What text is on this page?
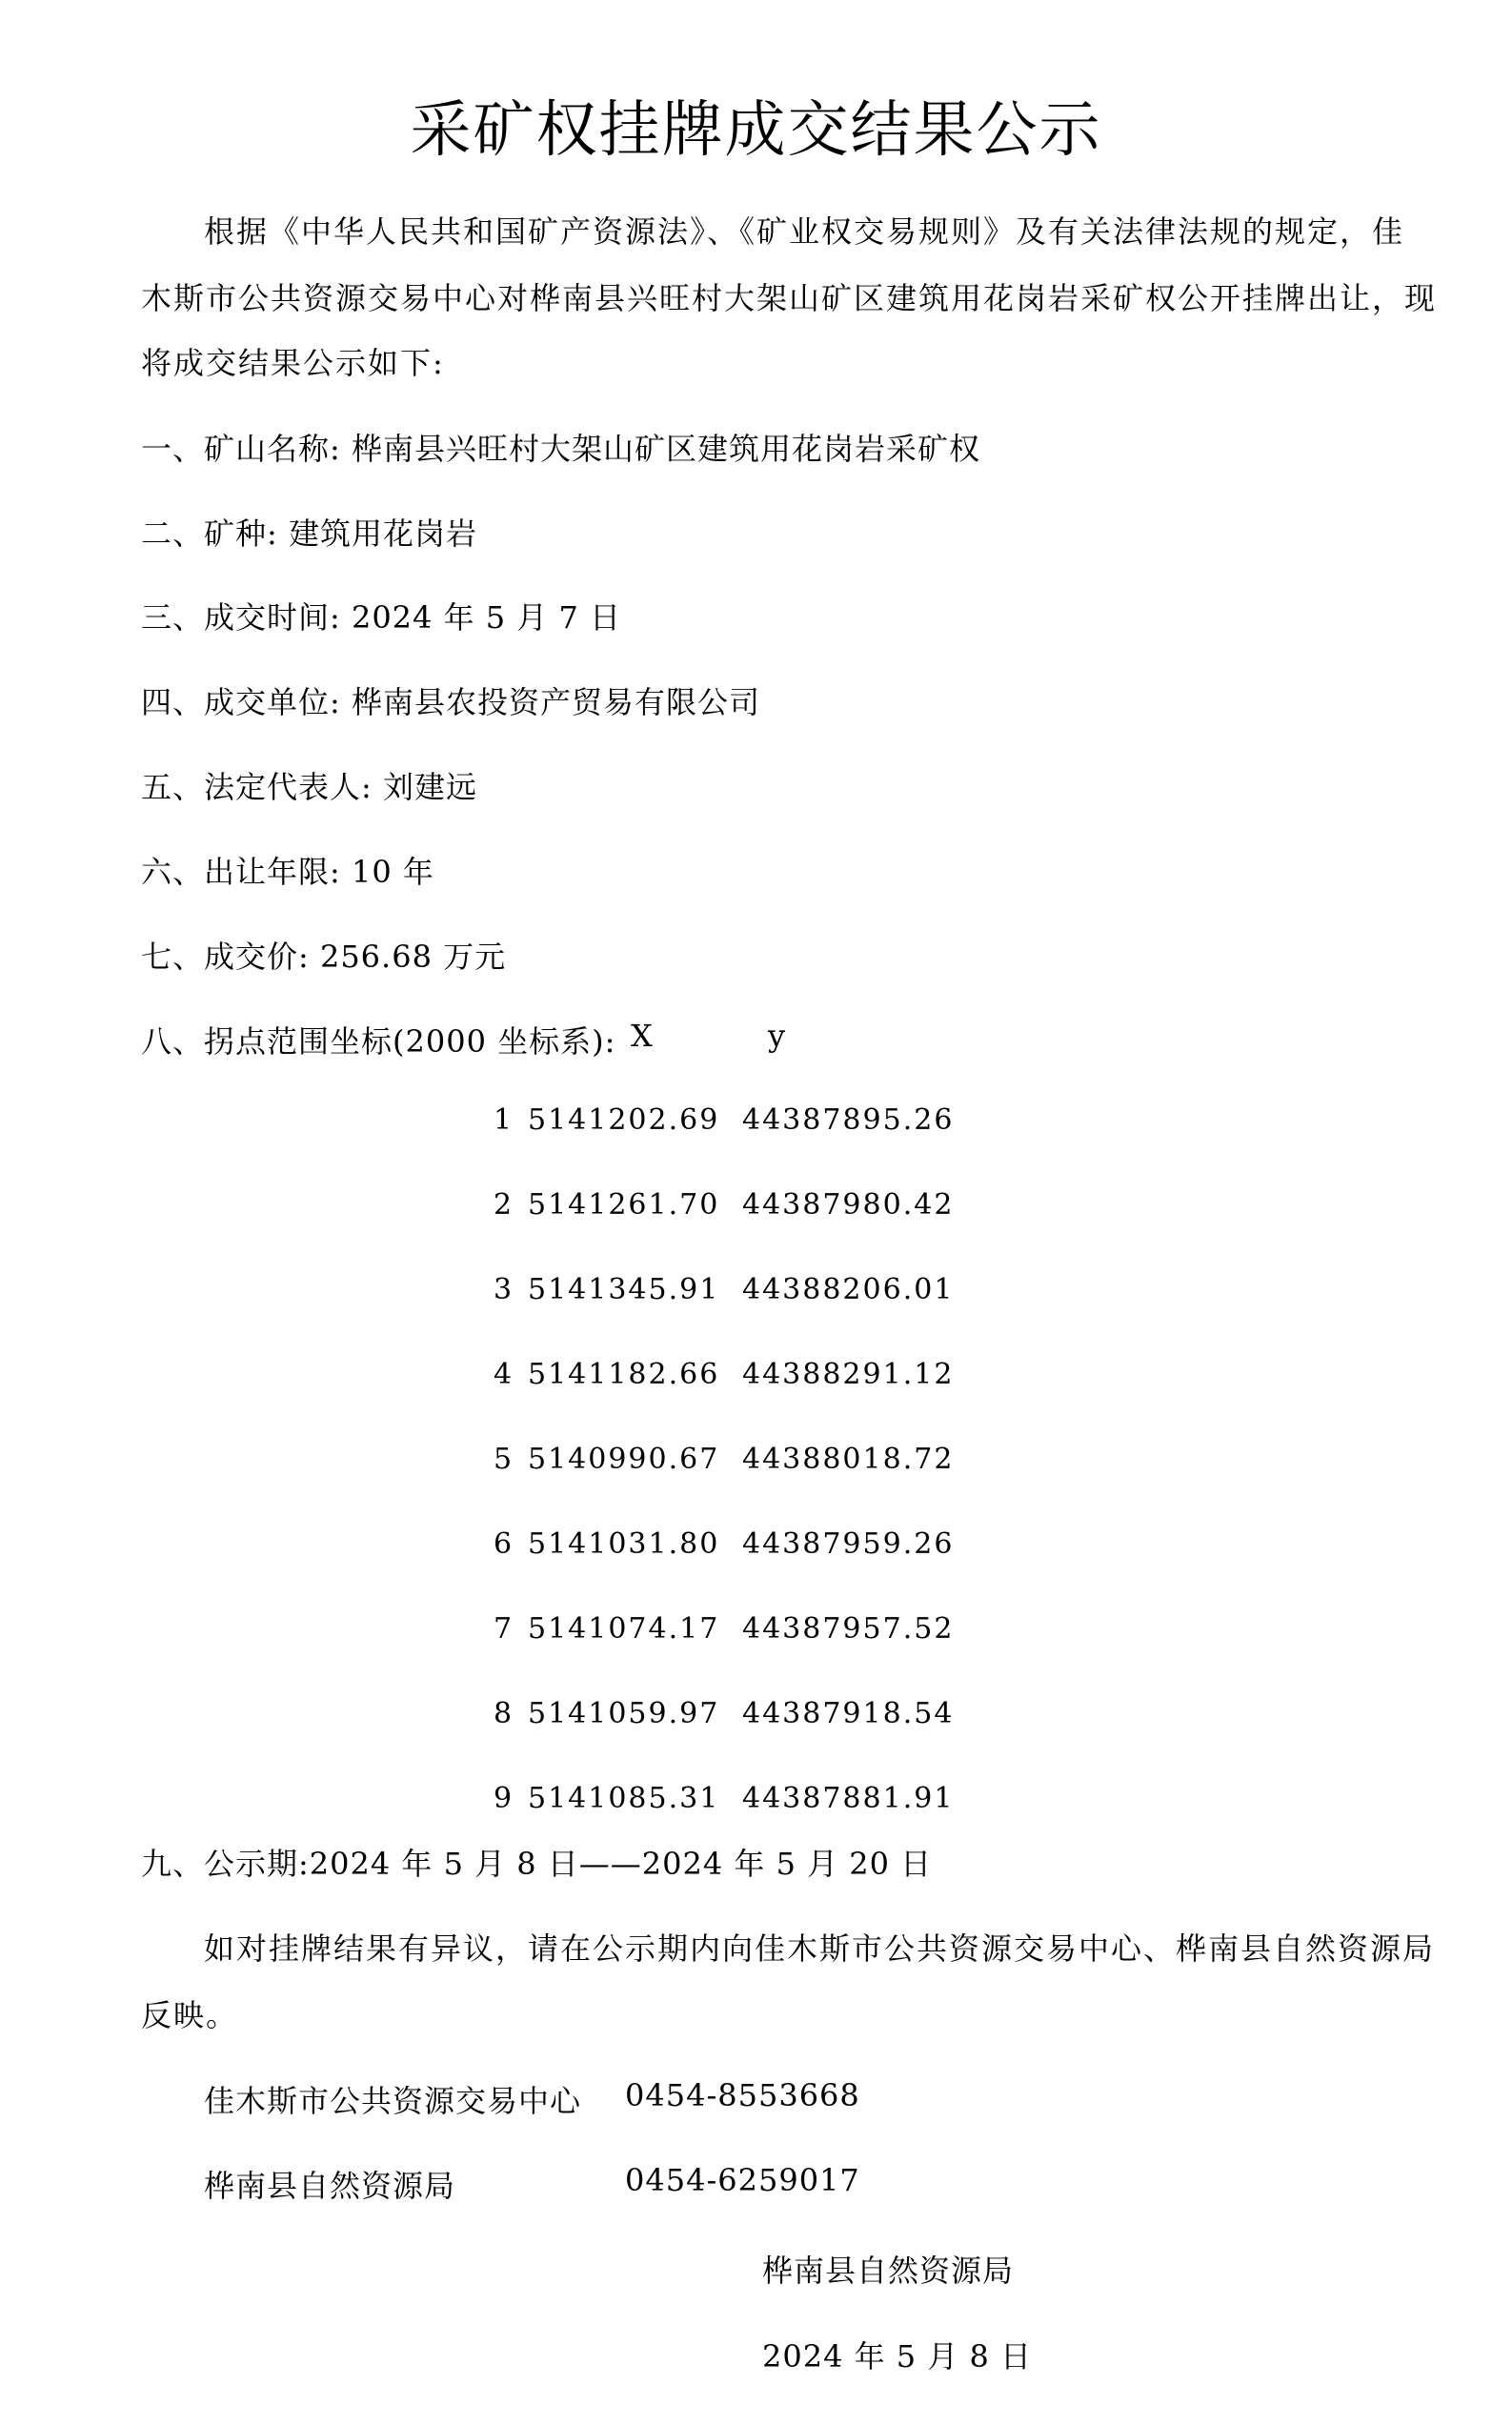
采矿权挂牌成交结果公示
根据《中华人民共和国矿产资源法》、《矿业权交易规则》及有关法律法规的规定，佳
木斯市公共资源交易中心对桦南县兴旺村大架山矿区建筑用花岗岩采矿权公开挂牌出让，现
将成交结果公示如下:
一、矿山名称: 桦南县兴旺村大架山矿区建筑用花岗岩采矿权
二、矿种: 建筑用花岗岩
三、成交时间: 2024 年 5 月 7 日
四、成交单位: 桦南县农投资产贸易有限公司
五、法定代表人: 刘建远
六、出让年限: 10 年
七、成交价: 256.68 万元
八、拐点范围坐标(2000 坐标系): X	y
1 5141202.69 44387895.26
2 5141261.70 44387980.42
3 5141345.91 44388206.01
4 5141182.66 44388291.12
5 5140990.67 44388018.72
6 5141031.80 44387959.26
7 5141074.17 44387957.52
8 5141059.97 44387918.54
9 5141085.31 44387881.91
九、公示期:2024 年 5 月 8 日——2024 年 5 月 20 日
如对挂牌结果有异议，请在公示期内向佳木斯市公共资源交易中心、桦南县自然资源局
反映。
佳木斯市公共资源交易中心 0454-8553668
桦南县自然资源局	0454-6259017
桦南县自然资源局
2024 年 5 月 8 日
